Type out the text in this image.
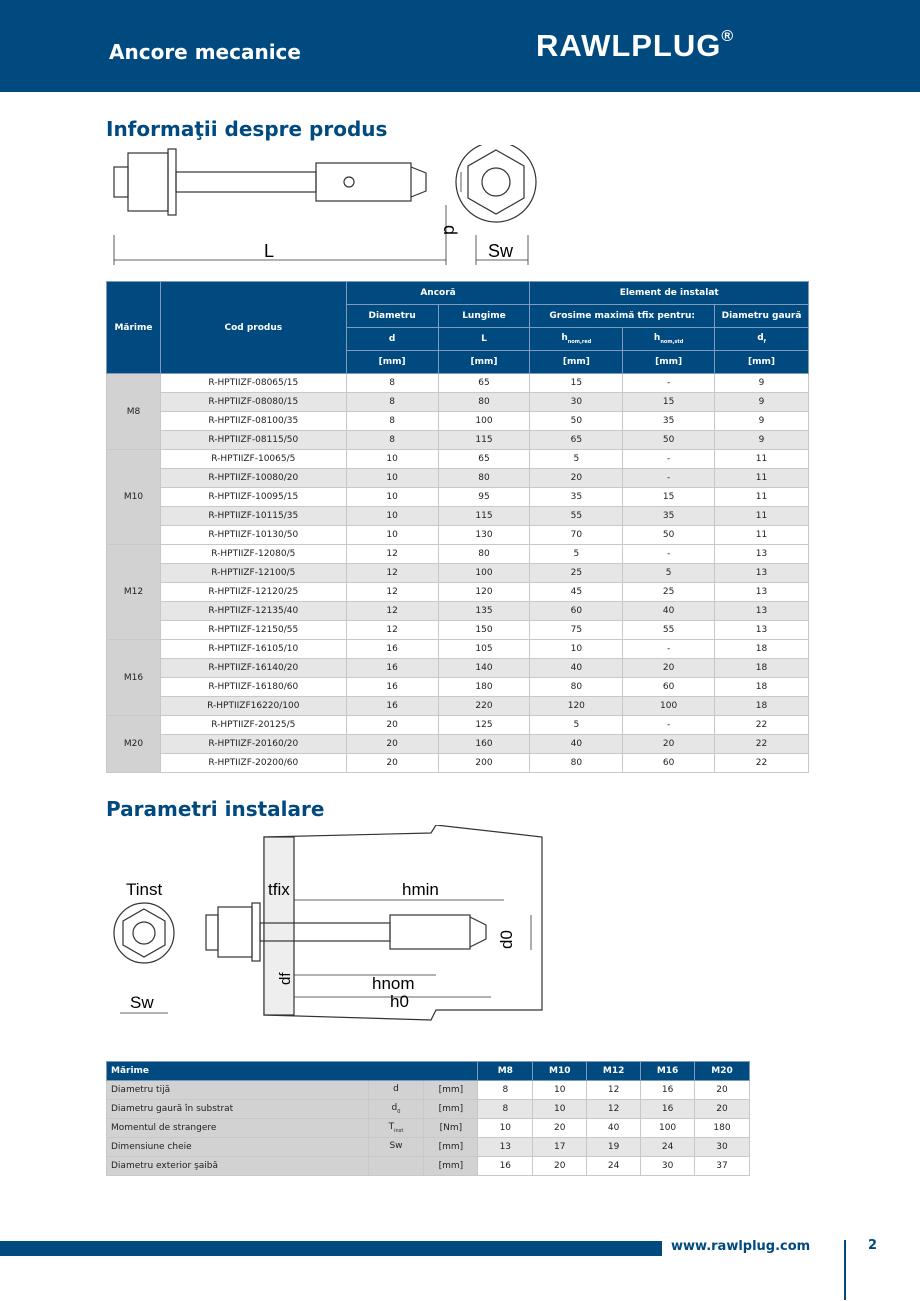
Ancore mecanice	RAWLPLUG®
Informaţii despre produs
L
d
Sw
Mărime	Cod produs	Ancoră		Element de instalat		
		Diametru	Lungime	Grosime maximă tfix pentru:		Diametru gaură
		d	L	$h_{nom,red}$	$h_{nom,std}$	$d_f$
		[mm]	[mm]	[mm]	[mm]	[mm]
M8	R-HPTIIZF-08065/15	8	65	15	-	9
	R-HPTIIZF-08080/15	8	80	30	15	9
	R-HPTIIZF-08100/35	8	100	50	35	9
	R-HPTIIZF-08115/50	8	115	65	50	9
M10	R-HPTIIZF-10065/5	10	65	5	-	11
	R-HPTIIZF-10080/20	10	80	20	-	11
	R-HPTIIZF-10095/15	10	95	35	15	11
	R-HPTIIZF-10115/35	10	115	55	35	11
	R-HPTIIZF-10130/50	10	130	70	50	11
M12	R-HPTIIZF-12080/5	12	80	5	-	13
	R-HPTIIZF-12100/5	12	100	25	5	13
	R-HPTIIZF-12120/25	12	120	45	25	13
	R-HPTIIZF-12135/40	12	135	60	40	13
	R-HPTIIZF-12150/55	12	150	75	55	13
M16	R-HPTIIZF-16105/10	16	105	10	-	18
	R-HPTIIZF-16140/20	16	140	40	20	18
	R-HPTIIZF-16180/60	16	180	80	60	18
	R-HPTIIZF16220/100	16	220	120	100	18
M20	R-HPTIIZF-20125/5	20	125	5	-	22
	R-HPTIIZF-20160/20	20	160	40	20	22
	R-HPTIIZF-20200/60	20	200	80	60	22
Parametri instalare
Tinst
Sw
tfix	hmin
d0
df	hnom
h0
Mărime			M8	M10	M12	M16	M20
Diametru tijă	d	[mm]	8	10	12	16	20
Diametru gaură în substrat	$d_0$	[mm]	8	10	12	16	20
Momentul de strangere	$T_{inst}$	[Nm]	10	20	40	100	180
Dimensiune cheie	Sw	[mm]	13	17	19	24	30
Diametru exterior şaibă		[mm]	16	20	24	30	37
www.rawlplug.com	2
